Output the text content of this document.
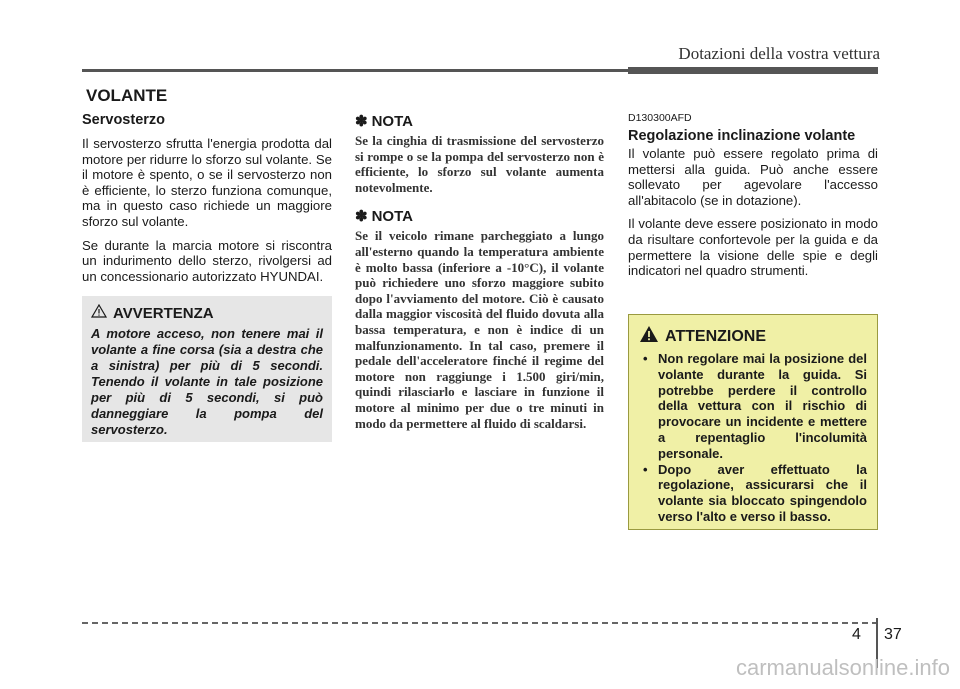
Dotazioni della vostra vettura
VOLANTE
Servosterzo

Il servosterzo sfrutta l'energia prodotta dal motore per ridurre lo sforzo sul volante. Se il motore è spento, o se il servosterzo non è efficiente, lo sterzo funziona comunque, ma in questo caso richiede un maggiore sforzo sul volante.

Se durante la marcia motore si riscontra un indurimento dello sterzo, rivolgersi ad un concessionario autorizzato HYUNDAI.

AVVERTENZA
A motore acceso, non tenere mai il volante a fine corsa (sia a destra che a sinistra) per più di 5 secondi. Tenendo il volante in tale posizione per più di 5 secondi, si può danneggiare la pompa del servosterzo.
✽ NOTA
Se la cinghia di trasmissione del servosterzo si rompe o se la pompa del servosterzo non è efficiente, lo sforzo sul volante aumenta notevolmente.
✽ NOTA
Se il veicolo rimane parcheggiato a lungo all'esterno quando la temperatura ambiente è molto bassa (inferiore a -10°C), il volante può richiedere uno sforzo maggiore subito dopo l'avviamento del motore. Ciò è causato dalla maggior viscosità del fluido dovuta alla bassa temperatura, e non è indice di un malfunzionamento. In tal caso, premere il pedale dell'acceleratore finché il regime del motore non raggiunge i 1.500 giri/min, quindi rilasciarlo e lasciare in funzione il motore al minimo per due o tre minuti in modo da permettere al fluido di scaldarsi.
D130300AFD
Regolazione inclinazione volante

Il volante può essere regolato prima di mettersi alla guida. Può anche essere sollevato per agevolare l'accesso all'abitacolo (se in dotazione).

Il volante deve essere posizionato in modo da risultare confortevole per la guida e da permettere la visione delle spie e degli indicatori nel quadro strumenti.

ATTENZIONE
• Non regolare mai la posizione del volante durante la guida. Si potrebbe perdere il controllo della vettura con il rischio di provocare un incidente e mettere a repentaglio l'incolumità personale.
• Dopo aver effettuato la regolazione, assicurarsi che il volante sia bloccato spingendolo verso l'alto e verso il basso.
4 37
carmanualsonline.info
